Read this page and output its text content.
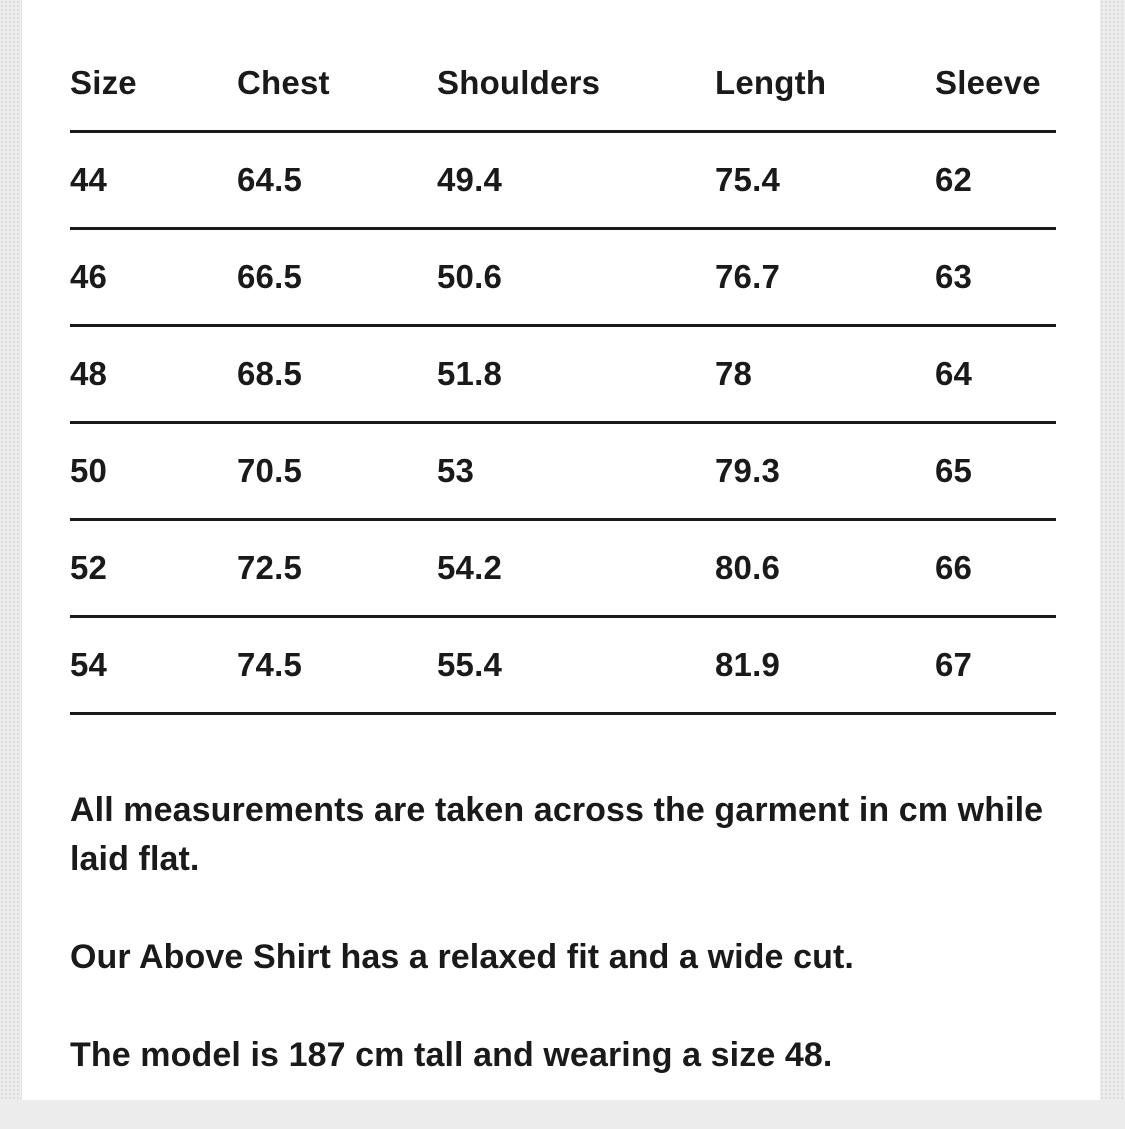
Size	Chest	Shoulders	Length	Sleeve
44	64.5	49.4	75.4	62
46	66.5	50.6	76.7	63
48	68.5	51.8	78	64
50	70.5	53	79.3	65
52	72.5	54.2	80.6	66
54	74.5	55.4	81.9	67

All measurements are taken across the garment in cm while laid flat.

Our Above Shirt has a relaxed fit and a wide cut.

The model is 187 cm tall and wearing a size 48.
